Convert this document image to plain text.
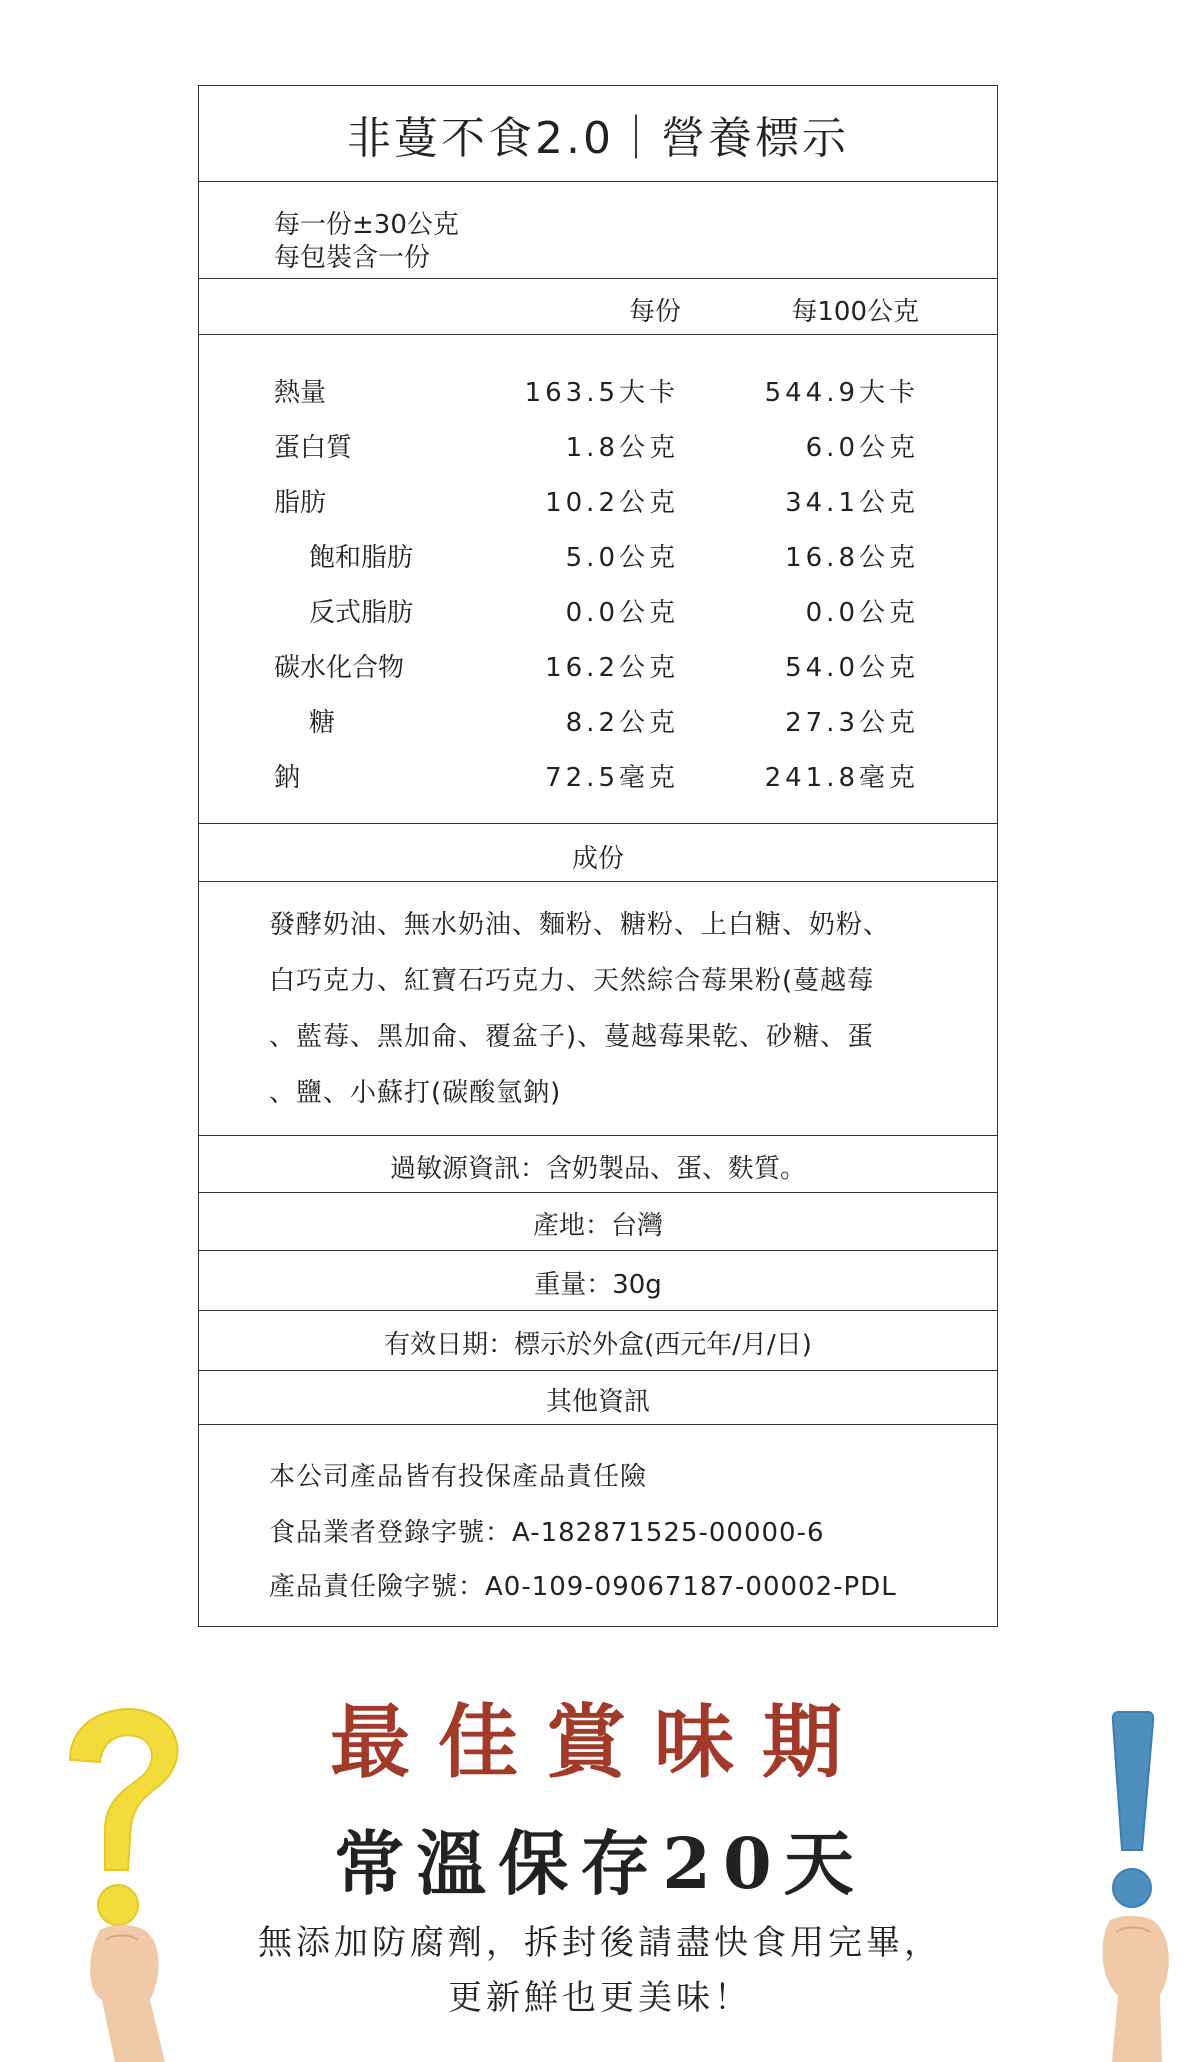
非蔓不食2.0｜營養標示
每一份±30公克
每包裝含一份
每份	每100公克
熱量	163.5大卡	544.9大卡
蛋白質	1.8公克	6.0公克
脂肪	10.2公克	34.1公克
飽和脂肪	5.0公克	16.8公克
反式脂肪	0.0公克	0.0公克
碳水化合物	16.2公克	54.0公克
糖	8.2公克	27.3公克
鈉	72.5毫克	241.8毫克
成份
發酵奶油、無水奶油、麵粉、糖粉、上白糖、奶粉、
白巧克力、紅寶石巧克力、天然綜合莓果粉(蔓越莓
、藍莓、黑加侖、覆盆子)、蔓越莓果乾、砂糖、蛋
、鹽、小蘇打(碳酸氫鈉)
過敏源資訊：含奶製品、蛋、麩質。
產地：台灣
重量：30g
有效日期：標示於外盒(西元年/月/日)
其他資訊
本公司產品皆有投保產品責任險
食品業者登錄字號：A-182871525-00000-6
產品責任險字號：A0-109-09067187-00002-PDL
最佳賞味期
常溫保存20天
無添加防腐劑，拆封後請盡快食用完畢，
更新鮮也更美味！
